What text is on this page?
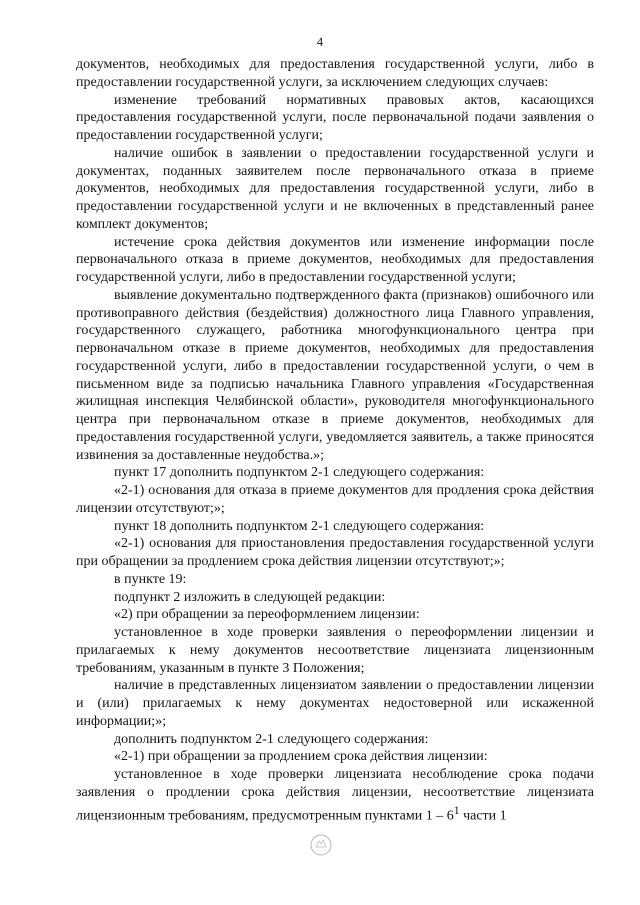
4

документов, необходимых для предоставления государственной услуги, либо в предоставлении государственной услуги, за исключением следующих случаев:

изменение требований нормативных правовых актов, касающихся предоставления государственной услуги, после первоначальной подачи заявления о предоставлении государственной услуги;

наличие ошибок в заявлении о предоставлении государственной услуги и документах, поданных заявителем после первоначального отказа в приеме документов, необходимых для предоставления государственной услуги, либо в предоставлении государственной услуги и не включенных в представленный ранее комплект документов;

истечение срока действия документов или изменение информации после первоначального отказа в приеме документов, необходимых для предоставления государственной услуги, либо в предоставлении государственной услуги;

выявление документально подтвержденного факта (признаков) ошибочного или противоправного действия (бездействия) должностного лица Главного управления, государственного служащего, работника многофункционального центра при первоначальном отказе в приеме документов, необходимых для предоставления государственной услуги, либо в предоставлении государственной услуги, о чем в письменном виде за подписью начальника Главного управления «Государственная жилищная инспекция Челябинской области», руководителя многофункционального центра при первоначальном отказе в приеме документов, необходимых для предоставления государственной услуги, уведомляется заявитель, а также приносятся извинения за доставленные неудобства.»;

пункт 17 дополнить подпунктом 2-1 следующего содержания:

«2-1) основания для отказа в приеме документов для продления срока действия лицензии отсутствуют;»;

пункт 18 дополнить подпунктом 2-1 следующего содержания:

«2-1) основания для приостановления предоставления государственной услуги при обращении за продлением срока действия лицензии отсутствуют;»;

в пункте 19:

подпункт 2 изложить в следующей редакции:

«2) при обращении за переоформлением лицензии:

установленное в ходе проверки заявления о переоформлении лицензии и прилагаемых к нему документов несоответствие лицензиата лицензионным требованиям, указанным в пункте 3 Положения;

наличие в представленных лицензиатом заявлении о предоставлении лицензии и (или) прилагаемых к нему документах недостоверной или искаженной информации;»;

дополнить подпунктом 2-1 следующего содержания:

«2-1) при обращении за продлением срока действия лицензии:

установленное в ходе проверки лицензиата несоблюдение срока подачи заявления о продлении срока действия лицензии, несоответствие лицензиата лицензионным требованиям, предусмотренным пунктами $1 - 6^1$ части 1
